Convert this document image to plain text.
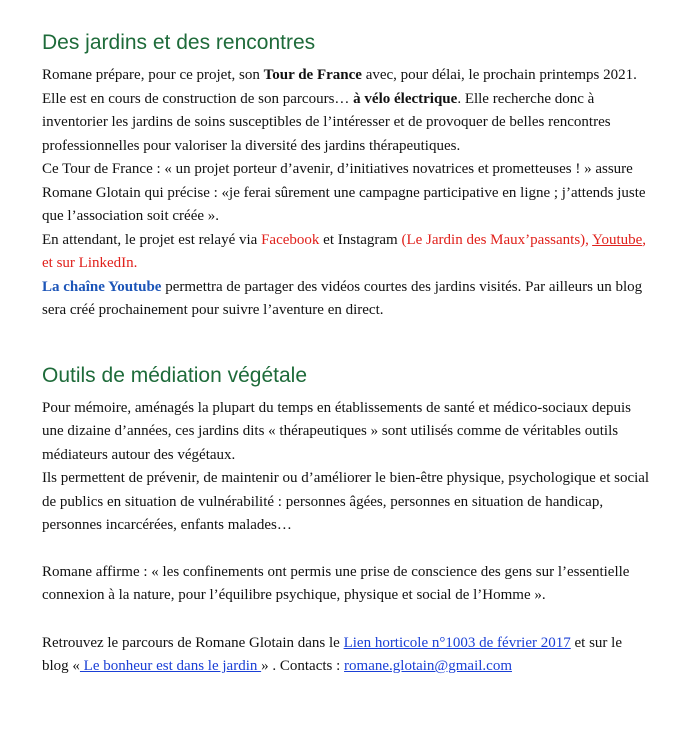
Des jardins et des rencontres

Romane prépare, pour ce projet, son Tour de France avec, pour délai, le prochain printemps 2021. Elle est en cours de construction de son parcours… à vélo électrique. Elle recherche donc à inventorier les jardins de soins susceptibles de l’intéresser et de provoquer de belles rencontres professionnelles pour valoriser la diversité des jardins thérapeutiques.

Ce Tour de France : « un projet porteur d’avenir, d’initiatives novatrices et prometteuses ! » assure Romane Glotain qui précise : «je ferai sûrement une campagne participative en ligne ; j’attends juste que l’association soit créée ».

En attendant, le projet est relayé via Facebook et Instagram (Le Jardin des Maux’passants), Youtube, et sur LinkedIn.

La chaîne Youtube permettra de partager des vidéos courtes des jardins visités. Par ailleurs un blog sera créé prochainement pour suivre l’aventure en direct.

Outils de médiation végétale

Pour mémoire, aménagés la plupart du temps en établissements de santé et médico-sociaux depuis une dizaine d’années, ces jardins dits « thérapeutiques » sont utilisés comme de véritables outils médiateurs autour des végétaux.

Ils permettent de prévenir, de maintenir ou d’améliorer le bien-être physique, psychologique et social de publics en situation de vulnérabilité : personnes âgées, personnes en situation de handicap, personnes incarcérées, enfants malades…

Romane affirme : « les confinements ont permis une prise de conscience des gens sur l’essentielle connexion à la nature, pour l’équilibre psychique, physique et social de l’Homme ».

Retrouvez le parcours de Romane Glotain dans le Lien horticole n°1003 de février 2017 et sur le blog « Le bonheur est dans le jardin » . Contacts : romane.glotain@gmail.com
